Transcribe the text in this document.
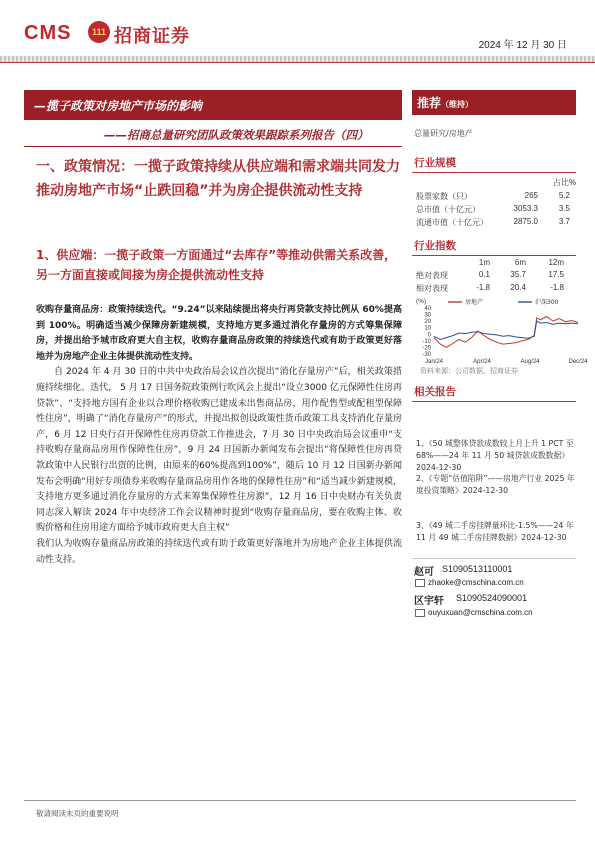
CMS	111 招商证券	2024 年 12 月 30 日
—揽子政策对房地产市场的影响
——招商总量研究团队政策效果跟踪系列报告（四）
一、政策情况：一揽子政策持续从供应端和需求端共同发力推动房地产市场“止跌回稳”并为房企提供流动性支持
1、供应端：一揽子政策一方面通过“去库存”等推动供需关系改善，另一方面直接或间接为房企提供流动性支持

收购存量商品房：政策持续迭代。“9.24”以来陆续提出将央行再贷款支持比例从 60%提高到 100%。明确适当减少保障房新建规模，支持地方更多通过消化存量房的方式筹集保障房，并提出给予城市政府更大自主权，收购存量商品房政策的持续迭代或有助于政策更好落地并为房地产企业主体提供流动性支持。

自 2024 年 4 月 30 日的中共中央政治局会议首次提出“消化存量房产”后，相关政策措施持续细化、迭代， 5 月 17 日国务院政策例行吹风会上提出“设立3000 亿元保障性住房再贷款”、“支持地方国有企业以合理价格收购已建成未出售商品房，用作配售型或配租型保障性住房”，明确了“消化存量房产”的形式，并提出拟创设政策性货币政策工具支持消化存量房产，6 月 12 日央行召开保障性住房再贷款工作推进会，7 月 30 日中央政治局会议重申“支持收购存量商品房用作保障性住房”，9 月 24 日国新办新闻发布会提出“将保障性住房再贷款政策中人民银行出资的比例，由原来的60%提高到100%”，随后 10 月 12 日国新办新闻发布会明确“用好专项债券来收购存量商品房用作各地的保障性住房”和“适当减少新建规模，支持地方更多通过消化存量房的方式来筹集保障性住房源”，12 月 16 日中央财办有关负责同志深入解读 2024 年中央经济工作会议精神时提到“收购存量商品房，要在收购主体、收购价格和住房用途方面给予城市政府更大自主权”

我们认为收购存量商品房政策的持续迭代或有助于政策更好落地并为房地产企业主体提供流动性支持。

推荐（维持）
总量研究/房地产
行业规模
占比%
股票家数（只）	265	5.2
总市值（十亿元）	3053.3	3.5
流通市值（十亿元）	2875.0	3.7
行业指数
1m	6m	12m
绝对表现	0.1	35.7	17.5
相对表现	-1.8	20.4	-1.8
(%)
40
30
20
10
0
-10
-20
-30
Jan/24	Apr/24	Aug/24	Dec/24
房地产	沪深300
资料来源：公司数据、招商证券
相关报告
1、《50 城整体贷款成数较上月上升 1 PCT 至 68%——24 年 11 月 50 城贷款成数数据》2024-12-30
2、《专题“估值陷阱”——房地产行业 2025 年度投资策略》2024-12-30
3、《49 城二手房挂牌量环比-1.5%——24 年 11 月 49 城二手房挂牌数据》2024-12-30
赵可 S1090513110001
zhaoke@cmschina.com.cn
区宇轩 S1090524090001
ouyuxuan@cmschina.com.cn
敬请阅读末页的重要说明
